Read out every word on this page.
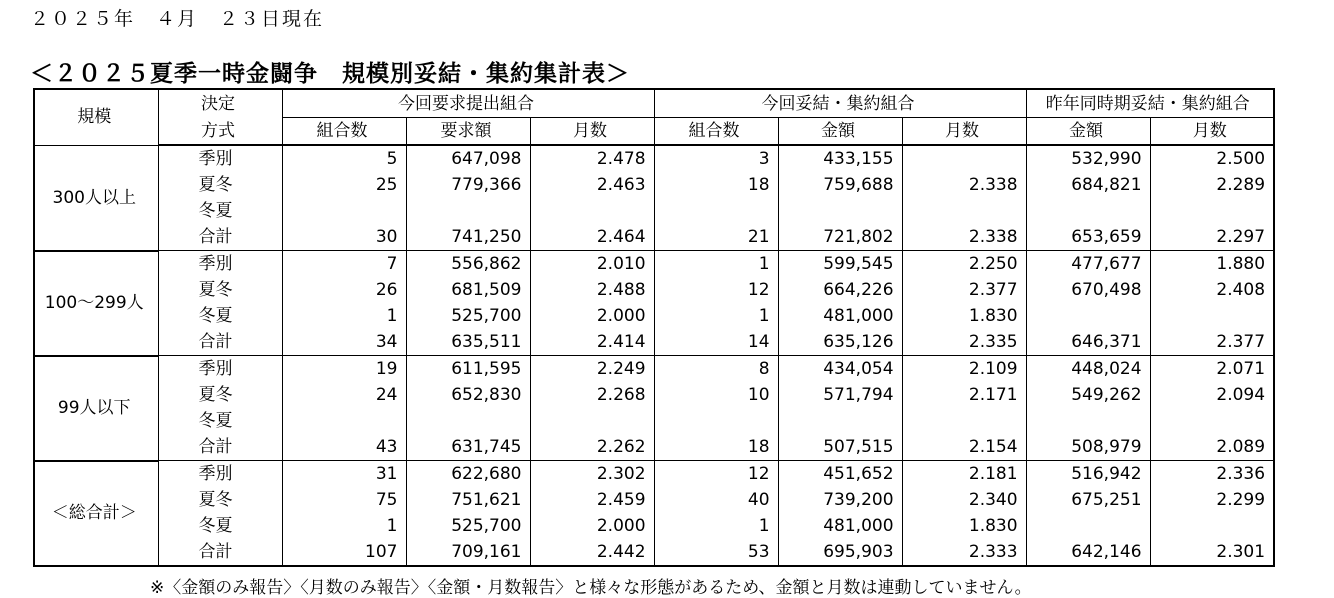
２０２５年　４月　２３日現在
＜２０２５夏季一時金闘争　規模別妥結・集約集計表＞
規模	決定	今回要求提出組合			今回妥結・集約組合			昨年同時期妥結・集約組合	
	方式	組合数	要求額	月数	組合数	金額	月数	金額	月数
300人以上	季別	5	647,098	2.478	3	433,155		532,990	2.500
	夏冬	25	779,366	2.463	18	759,688	2.338	684,821	2.289
	冬夏								
	合計	30	741,250	2.464	21	721,802	2.338	653,659	2.297
100～299人	季別	7	556,862	2.010	1	599,545	2.250	477,677	1.880
	夏冬	26	681,509	2.488	12	664,226	2.377	670,498	2.408
	冬夏	1	525,700	2.000	1	481,000	1.830		
	合計	34	635,511	2.414	14	635,126	2.335	646,371	2.377
99人以下	季別	19	611,595	2.249	8	434,054	2.109	448,024	2.071
	夏冬	24	652,830	2.268	10	571,794	2.171	549,262	2.094
	冬夏								
	合計	43	631,745	2.262	18	507,515	2.154	508,979	2.089
＜総合計＞	季別	31	622,680	2.302	12	451,652	2.181	516,942	2.336
	夏冬	75	751,621	2.459	40	739,200	2.340	675,251	2.299
	冬夏	1	525,700	2.000	1	481,000	1.830		
	合計	107	709,161	2.442	53	695,903	2.333	642,146	2.301
※〈金額のみ報告〉〈月数のみ報告〉〈金額・月数報告〉と様々な形態があるため、金額と月数は連動していません。
